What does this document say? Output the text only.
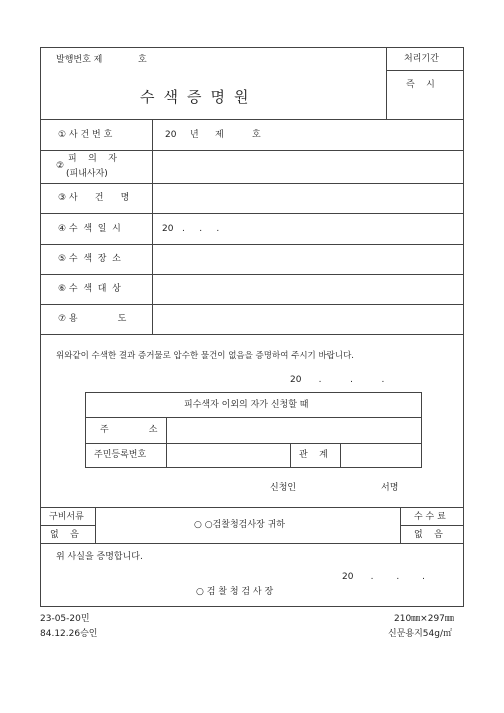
발행번호 제	호	처리기간
즉    시
수색증명원
① 사 건 번 호	20 년 제	호
②
피    의    자
(피내사자)
③ 사      건      명
④ 수  색  일  시	20   .     .     .
⑤ 수  색  장  소
⑥ 수  색  대  상
⑦ 용              도
위와같이 수색한 결과 증거물로 압수한 물건이 없음을 증명하여 주시기 바랍니다.
20      .          .          .
피수색자 이외의 자가 신청할 때
주              소
주민등록번호	관    계
신청인	서명
구비서류
없    음
○ ○검찰청검사장 귀하
수 수 료
없    음
위 사실을 증명합니다.
20      .        .        .
○ 검 찰 청 검 사 장
23-05-20민
84.12.26승인
210㎜×297㎜
신문용지54g/㎡
